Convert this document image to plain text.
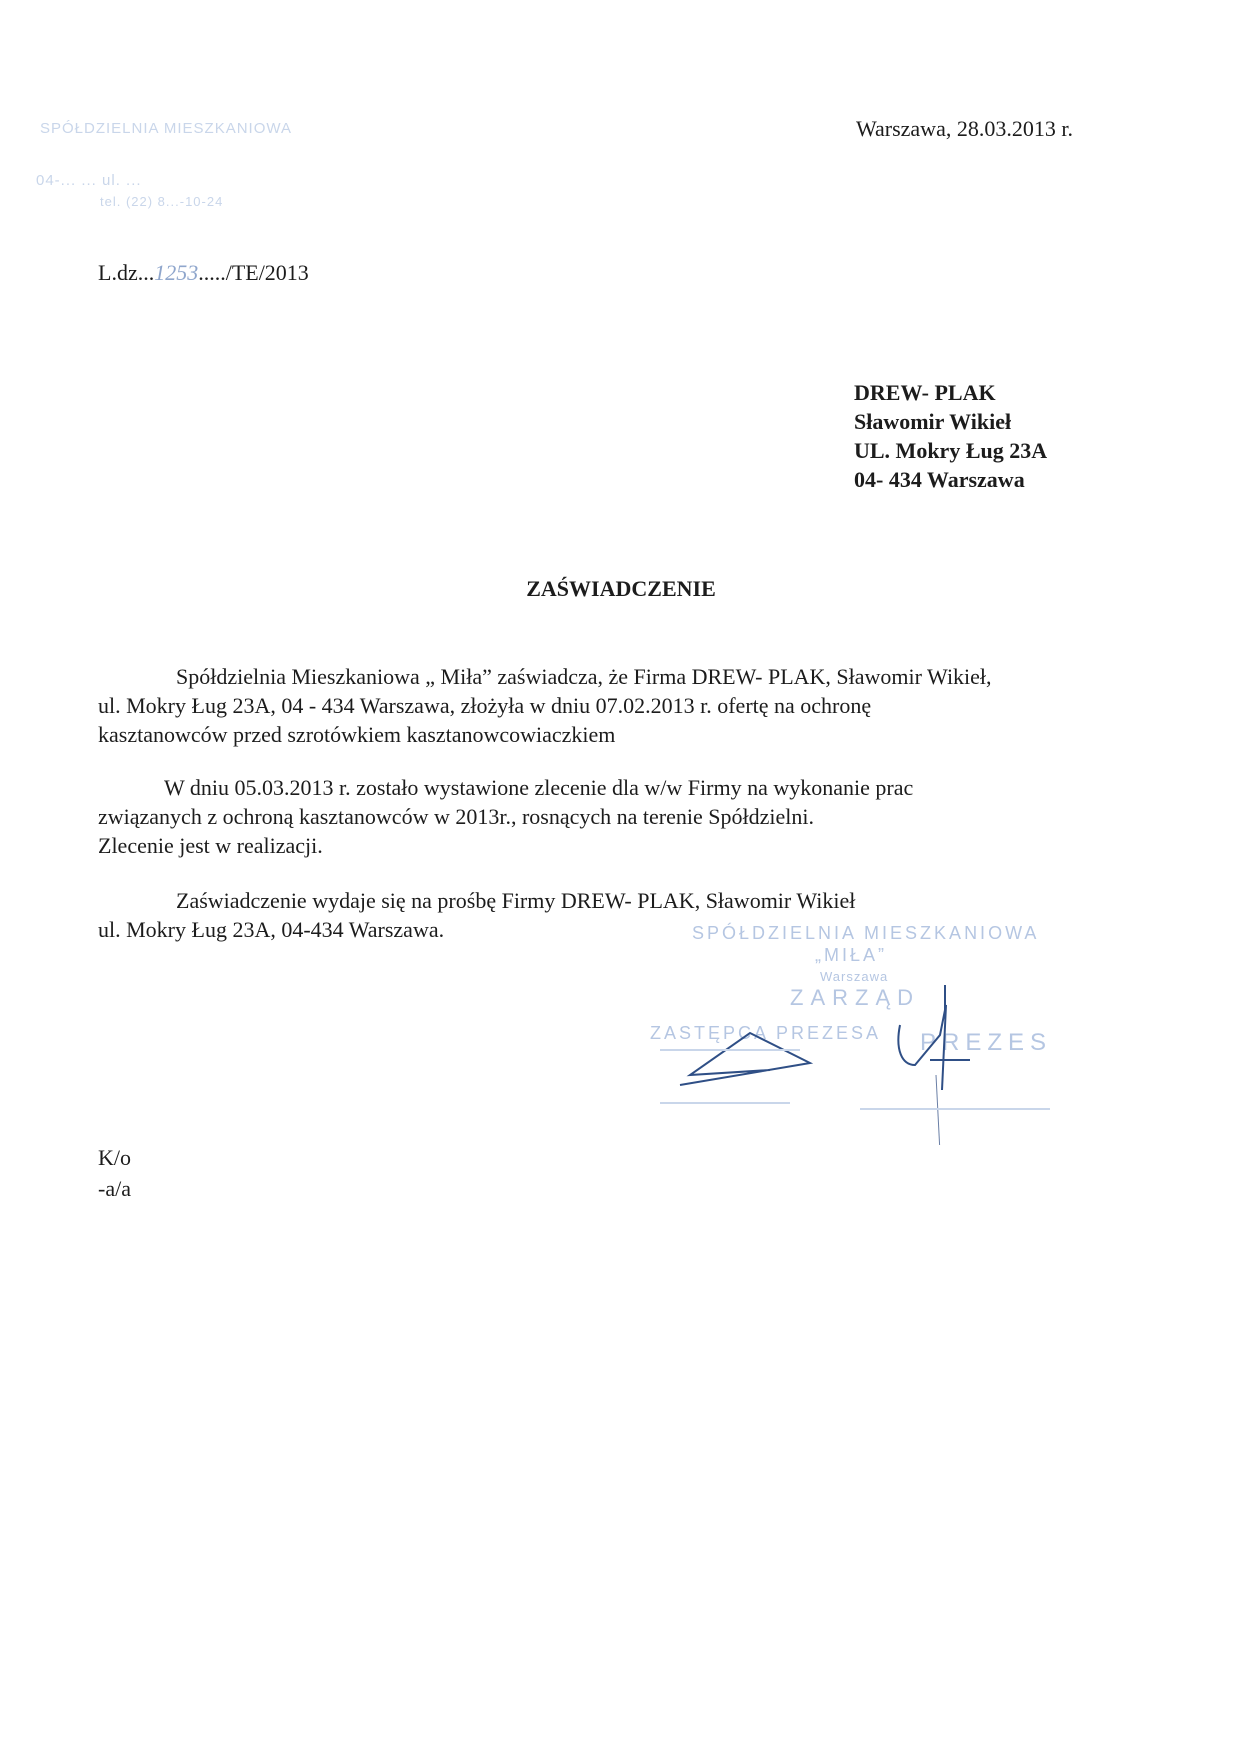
SPÓŁDZIELNIA MIESZKANIOWA
04-... ... ul. ...
tel. (22) 8...-10-24
Warszawa, 28.03.2013 r.
L.dz...1253...../TE/2013
DREW- PLAK
Sławomir Wikieł
UL. Mokry Ług 23A
04- 434 Warszawa
ZAŚWIADCZENIE
Spółdzielnia Mieszkaniowa „ Miła” zaświadcza, że Firma DREW- PLAK, Sławomir Wikieł,
ul. Mokry Ług 23A, 04 - 434 Warszawa, złożyła w dniu 07.02.2013 r. ofertę na ochronę
kasztanowców przed szrotówkiem kasztanowcowiaczkiem
W dniu 05.03.2013 r. zostało wystawione zlecenie dla w/w Firmy na wykonanie prac
związanych z ochroną kasztanowców w 2013r., rosnących na terenie Spółdzielni.
Zlecenie jest w realizacji.
Zaświadczenie wydaje się na prośbę Firmy DREW- PLAK, Sławomir Wikieł
ul. Mokry Ług 23A, 04-434 Warszawa.	SPÓŁDZIELNIA MIESZKANIOWA
„MIŁA”
Warszawa
ZARZĄD
ZASTĘPCA PREZESA PREZES
K/o
-a/a
